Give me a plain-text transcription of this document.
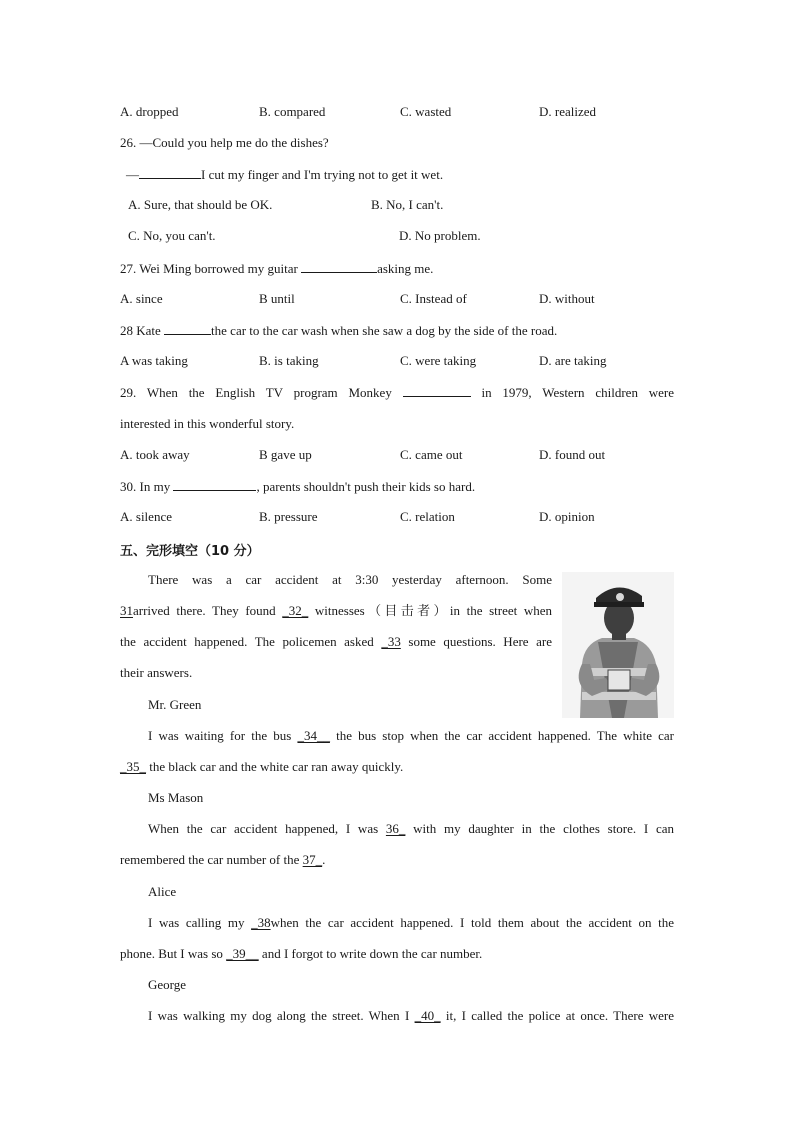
A. dropped	B. compared	C. wasted	D. realized
26. —Could you help me do the dishes?
—	I cut my finger and I'm trying not to get it wet.
A. Sure, that should be OK.	B. No, I can't.
C. No, you can't.	D. No problem.
27. Wei Ming borrowed my guitar	asking me.
A. since	B until	C. Instead of	D. without
28 Kate	the car to the car wash when she saw a dog by the side of the road.
A was taking	B. is taking	C. were taking	D. are taking
29. When the English TV program Monkey	in 1979, Western children were
interested in this wonderful story.
A. took away	B gave up	C. came out	D. found out
30. In my	, parents shouldn't push their kids so hard.
A. silence	B. pressure	C. relation	D. opinion
五、完形填空（10 分）
There was a car accident at 3:30 yesterday afternoon. Some
31arrived there. They found _32_ witnesses（目击者）in the street when
the accident happened. The policemen asked _33 some questions. Here are
their answers.
Mr. Green
I was waiting for the bus _34__ the bus stop when the car accident happened. The white car
_35_ the black car and the white car ran away quickly.
Ms Mason
When the car accident happened, I was 36_ with my daughter in the clothes store. I can
remembered the car number of the 37_.
Alice
I was calling my _38when the car accident happened. I told them about the accident on the
phone. But I was so _39__ and I forgot to write down the car number.
George
I was walking my dog along the street. When I _40_ it, I called the police at once. There were
